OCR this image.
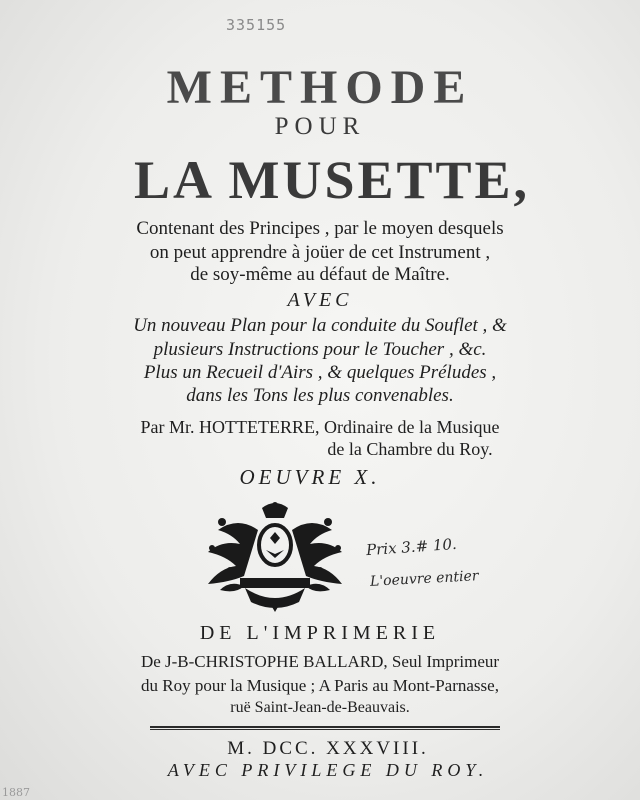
335155
METHODE
POUR
LA MUSETTE,
Contenant des Principes , par le moyen desquels
on peut apprendre à joüer de cet Instrument ,
de soy-même au défaut de Maître.
AVEC
Un nouveau Plan pour la conduite du Souflet , &
plusieurs Instructions pour le Toucher , &c.
Plus un Recueil d'Airs , & quelques Préludes ,
dans les Tons les plus convenables.
Par Mr. HOTTETERRE, Ordinaire de la Musique
de la Chambre du Roy.
OEUVRE X.
Prix 3.# 10.
L'oeuvre entier
DE L'IMPRIMERIE
De J-B-CHRISTOPHE BALLARD, Seul Imprimeur
du Roy pour la Musique ; A Paris au Mont-Parnasse,
ruë Saint-Jean-de-Beauvais.
M. DCC. XXXVIII.
AVEC PRIVILEGE DU ROY.
1887
